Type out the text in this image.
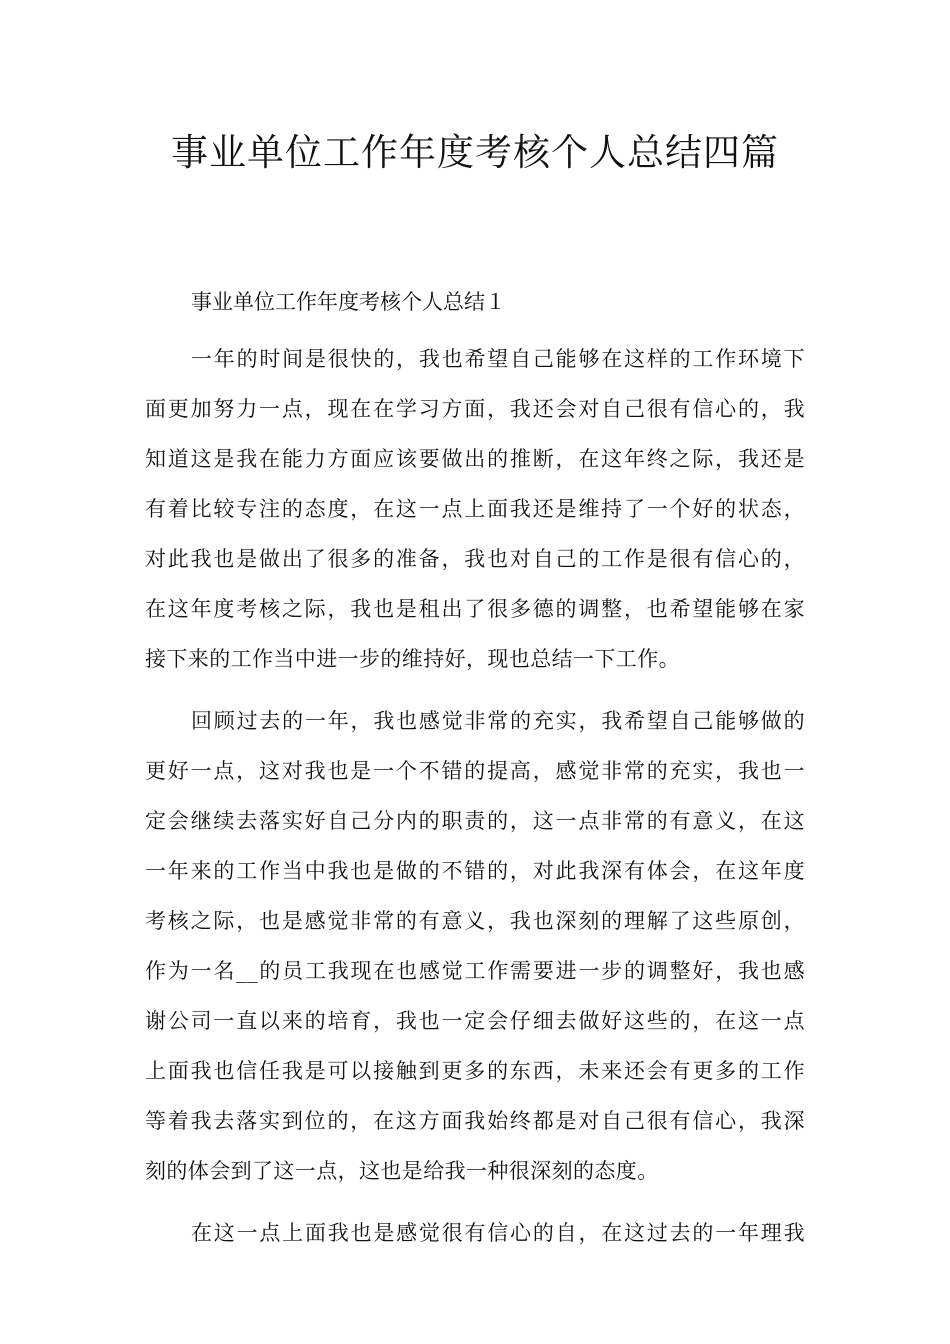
事业单位工作年度考核个人总结四篇

事业单位工作年度考核个人总结１

一年的时间是很快的，我也希望自己能够在这样的工作环境下
面更加努力一点，现在在学习方面，我还会对自己很有信心的，我
知道这是我在能力方面应该要做出的推断，在这年终之际，我还是
有着比较专注的态度，在这一点上面我还是维持了一个好的状态，
对此我也是做出了很多的准备，我也对自己的工作是很有信心的，
在这年度考核之际，我也是租出了很多德的调整，也希望能够在家
接下来的工作当中进一步的维持好，现也总结一下工作。
回顾过去的一年，我也感觉非常的充实，我希望自己能够做的
更好一点，这对我也是一个不错的提高，感觉非常的充实，我也一
定会继续去落实好自己分内的职责的，这一点非常的有意义，在这
一年来的工作当中我也是做的不错的，对此我深有体会，在这年度
考核之际，也是感觉非常的有意义，我也深刻的理解了这些原创，
作为一名__的员工我现在也感觉工作需要进一步的调整好，我也感
谢公司一直以来的培育，我也一定会仔细去做好这些的，在这一点
上面我也信任我是可以接触到更多的东西，未来还会有更多的工作
等着我去落实到位的，在这方面我始终都是对自己很有信心，我深
刻的体会到了这一点，这也是给我一种很深刻的态度。
在这一点上面我也是感觉很有信心的自，在这过去的一年理我
